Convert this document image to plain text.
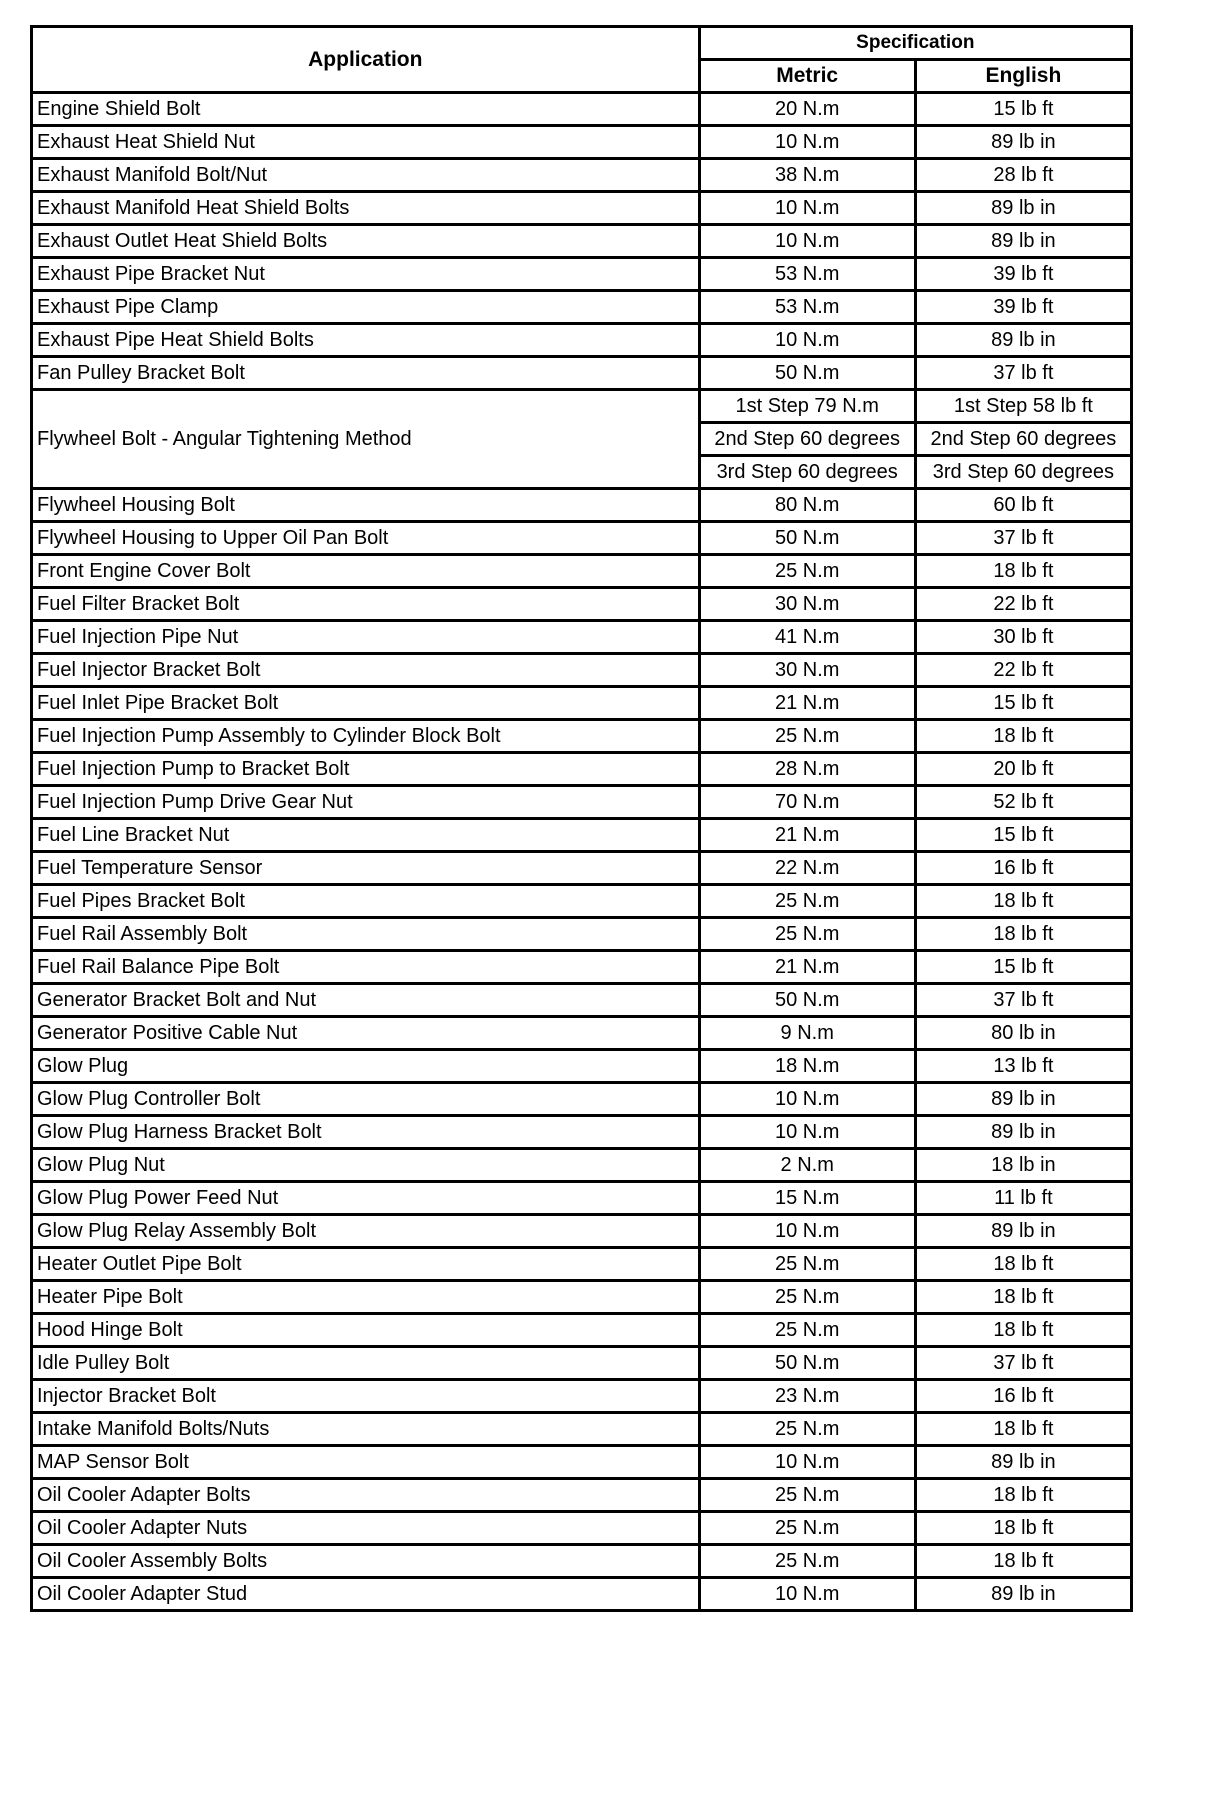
Application	Specification	
	Metric	English
Engine Shield Bolt	20 N.m	15 lb ft
Exhaust Heat Shield Nut	10 N.m	89 lb in
Exhaust Manifold Bolt/Nut	38 N.m	28 lb ft
Exhaust Manifold Heat Shield Bolts	10 N.m	89 lb in
Exhaust Outlet Heat Shield Bolts	10 N.m	89 lb in
Exhaust Pipe Bracket Nut	53 N.m	39 lb ft
Exhaust Pipe Clamp	53 N.m	39 lb ft
Exhaust Pipe Heat Shield Bolts	10 N.m	89 lb in
Fan Pulley Bracket Bolt	50 N.m	37 lb ft
Flywheel Bolt - Angular Tightening Method	1st Step 79 N.m	1st Step 58 lb ft
	2nd Step 60 degrees	2nd Step 60 degrees
	3rd Step 60 degrees	3rd Step 60 degrees
Flywheel Housing Bolt	80 N.m	60 lb ft
Flywheel Housing to Upper Oil Pan Bolt	50 N.m	37 lb ft
Front Engine Cover Bolt	25 N.m	18 lb ft
Fuel Filter Bracket Bolt	30 N.m	22 lb ft
Fuel Injection Pipe Nut	41 N.m	30 lb ft
Fuel Injector Bracket Bolt	30 N.m	22 lb ft
Fuel Inlet Pipe Bracket Bolt	21 N.m	15 lb ft
Fuel Injection Pump Assembly to Cylinder Block Bolt	25 N.m	18 lb ft
Fuel Injection Pump to Bracket Bolt	28 N.m	20 lb ft
Fuel Injection Pump Drive Gear Nut	70 N.m	52 lb ft
Fuel Line Bracket Nut	21 N.m	15 lb ft
Fuel Temperature Sensor	22 N.m	16 lb ft
Fuel Pipes Bracket Bolt	25 N.m	18 lb ft
Fuel Rail Assembly Bolt	25 N.m	18 lb ft
Fuel Rail Balance Pipe Bolt	21 N.m	15 lb ft
Generator Bracket Bolt and Nut	50 N.m	37 lb ft
Generator Positive Cable Nut	9 N.m	80 lb in
Glow Plug	18 N.m	13 lb ft
Glow Plug Controller Bolt	10 N.m	89 lb in
Glow Plug Harness Bracket Bolt	10 N.m	89 lb in
Glow Plug Nut	2 N.m	18 lb in
Glow Plug Power Feed Nut	15 N.m	11 lb ft
Glow Plug Relay Assembly Bolt	10 N.m	89 lb in
Heater Outlet Pipe Bolt	25 N.m	18 lb ft
Heater Pipe Bolt	25 N.m	18 lb ft
Hood Hinge Bolt	25 N.m	18 lb ft
Idle Pulley Bolt	50 N.m	37 lb ft
Injector Bracket Bolt	23 N.m	16 lb ft
Intake Manifold Bolts/Nuts	25 N.m	18 lb ft
MAP Sensor Bolt	10 N.m	89 lb in
Oil Cooler Adapter Bolts	25 N.m	18 lb ft
Oil Cooler Adapter Nuts	25 N.m	18 lb ft
Oil Cooler Assembly Bolts	25 N.m	18 lb ft
Oil Cooler Adapter Stud	10 N.m	89 lb in
